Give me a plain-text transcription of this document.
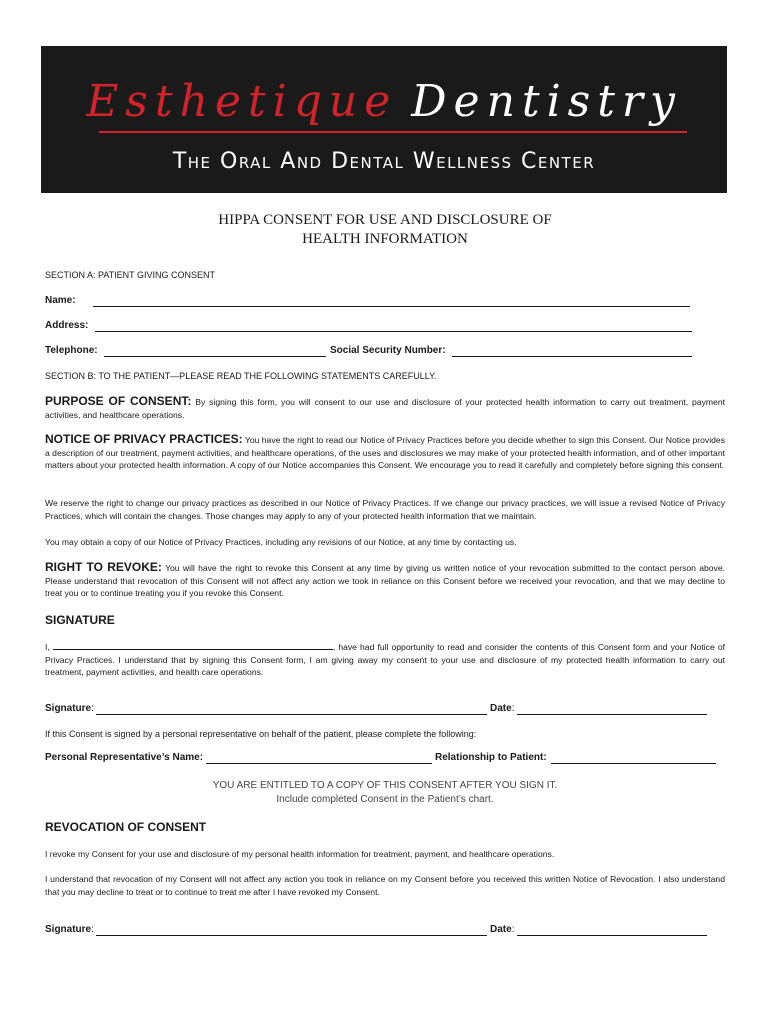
Esthetique Dentistry
The Oral And Dental Wellness Center
HIPPA CONSENT FOR USE AND DISCLOSURE OF
HEALTH INFORMATION
SECTION A: PATIENT GIVING CONSENT
Name:
Address:
Telephone:	Social Security Number:
SECTION B: TO THE PATIENT—PLEASE READ THE FOLLOWING STATEMENTS CAREFULLY.
PURPOSE OF CONSENT: By signing this form, you will consent to our use and disclosure of your protected health information to carry out treatment, payment activities, and healthcare operations.
NOTICE OF PRIVACY PRACTICES: You have the right to read our Notice of Privacy Practices before you decide whether to sign this Consent. Our Notice provides a description of our treatment, payment activities, and healthcare operations, of the uses and disclosures we may make of your protected health information, and of other important matters about your protected health information. A copy of our Notice accompanies this Consent. We encourage you to read it carefully and completely before signing this consent.
We reserve the right to change our privacy practices as described in our Notice of Privacy Practices. If we change our privacy practices, we will issue a revised Notice of Privacy Practices, which will contain the changes. Those changes may apply to any of your protected health information that we maintain.
You may obtain a copy of our Notice of Privacy Practices, including any revisions of our Notice, at any time by contacting us.
RIGHT TO REVOKE: You will have the right to revoke this Consent at any time by giving us written notice of your revocation submitted to the contact person above. Please understand that revocation of this Consent will not affect any action we took in reliance on this Consent before we received your revocation, and that we may decline to treat you or to continue treating you if you revoke this Consent.
SIGNATURE
I,	, have had full opportunity to read and consider the contents of this Consent form and your Notice of Privacy Practices. I understand that by signing this Consent form, I am giving away my consent to your use and disclosure of my protected health information to carry out treatment, payment activities, and health care operations.
Signature:	Date:
If this Consent is signed by a personal representative on behalf of the patient, please complete the following:
Personal Representative’s Name:	Relationship to Patient:
YOU ARE ENTITLED TO A COPY OF THIS CONSENT AFTER YOU SIGN IT.
Include completed Consent in the Patient’s chart.
REVOCATION OF CONSENT
I revoke my Consent for your use and disclosure of my personal health information for treatment, payment, and healthcare operations.
I understand that revocation of my Consent will not affect any action you took in reliance on my Consent before you received this written Notice of Revocation. I also understand that you may decline to treat or to continue to treat me after I have revoked my Consent.
Signature:	Date:
